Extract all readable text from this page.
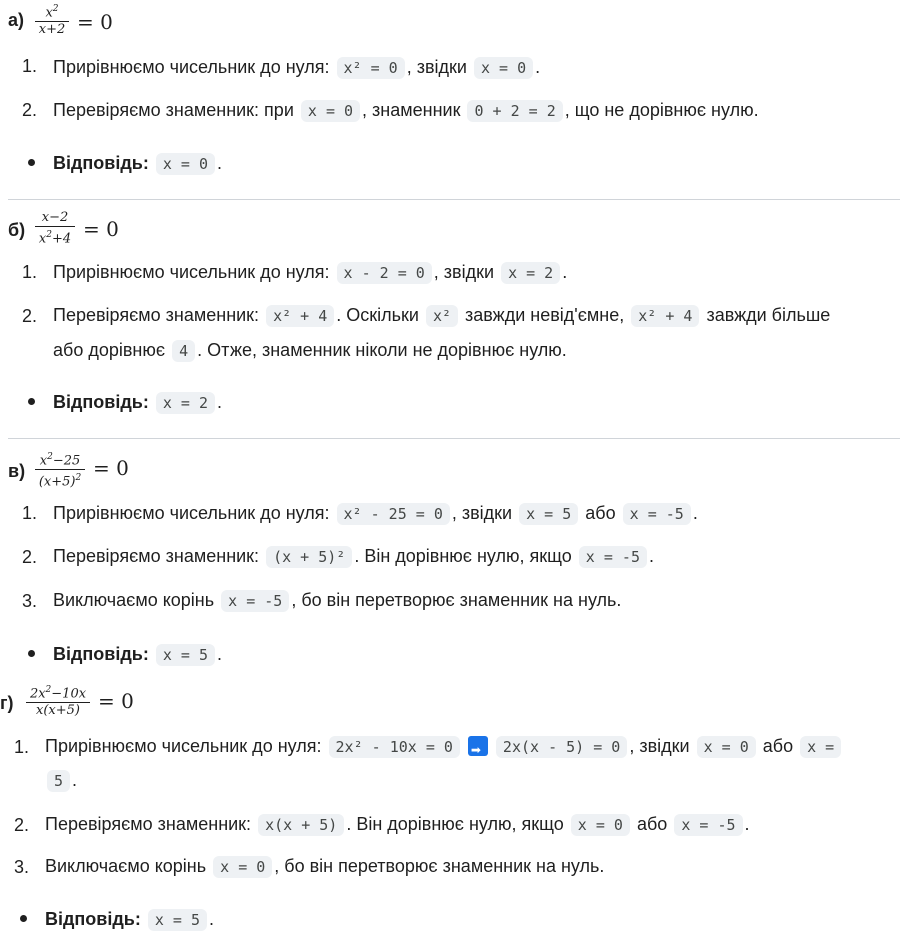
$а) \frac{x^2}{x+2} = 0$
1. Прирівнюємо чисельник до нуля: x² = 0 , звідки x = 0 .
2. Перевіряємо знаменник: при x = 0 , знаменник 0 + 2 = 2 , що не дорівнює нулю.
Відповідь: x = 0 .
$б) \frac{x-2}{x^2+4} = 0$
1. Прирівнюємо чисельник до нуля: x - 2 = 0 , звідки x = 2 .
2. Перевіряємо знаменник: x² + 4 . Оскільки x² завжди невід'ємне, x² + 4 завжди більше
або дорівнює 4 . Отже, знаменник ніколи не дорівнює нулю.
Відповідь: x = 2 .
$в) \frac{x^2-25}{(x+5)^2} = 0$
1. Прирівнюємо чисельник до нуля: x² - 25 = 0 , звідки x = 5 або x = -5 .
2. Перевіряємо знаменник: (x + 5)² . Він дорівнює нулю, якщо x = -5 .
3. Виключаємо корінь x = -5 , бо він перетворює знаменник на нуль.
Відповідь: x = 5 .
$г) \frac{2x^2-10x}{x(x+5)} = 0$
1. Прирівнюємо чисельник до нуля: 2x² - 10x = 0➡	2x(x - 5) = 0 , звідки x = 0 або x =
5 .
2. Перевіряємо знаменник: x(x + 5) . Він дорівнює нулю, якщо x = 0 або x = -5 .
3. Виключаємо корінь x = 0 , бо він перетворює знаменник на нуль.
Відповідь: x = 5 .
